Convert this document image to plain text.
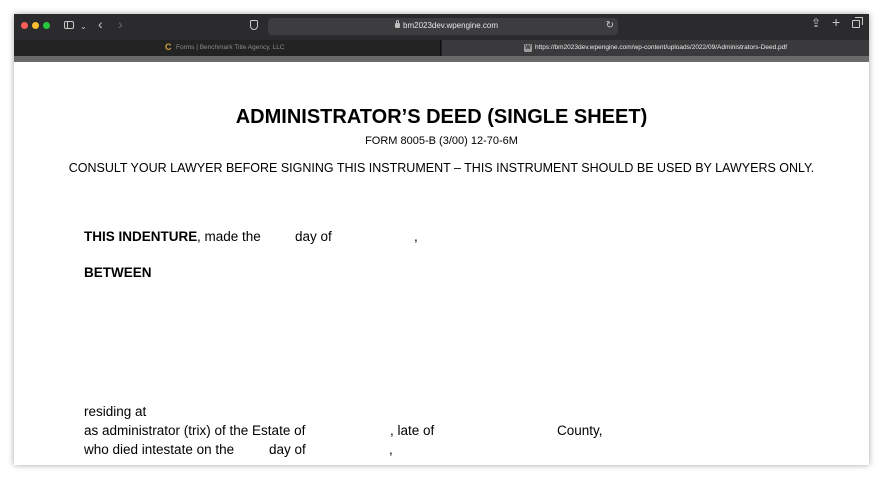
⌄ ‹ ›	bm2023dev.wpengine.com	↻	⇪ +
C Forms | Benchmark Title Agency, LLC	W https://bm2023dev.wpengine.com/wp-content/uploads/2022/09/Administrators-Deed.pdf
ADMINISTRATOR’S DEED (SINGLE SHEET)
FORM 8005-B (3/00) 12-70-6M
CONSULT YOUR LAWYER BEFORE SIGNING THIS INSTRUMENT – THIS INSTRUMENT SHOULD BE USED BY LAWYERS ONLY.
THIS INDENTURE , made the	day of	,
BETWEEN
residing at
as administrator (trix) of the Estate of	, late of	County,
who died intestate on the	day of	,
